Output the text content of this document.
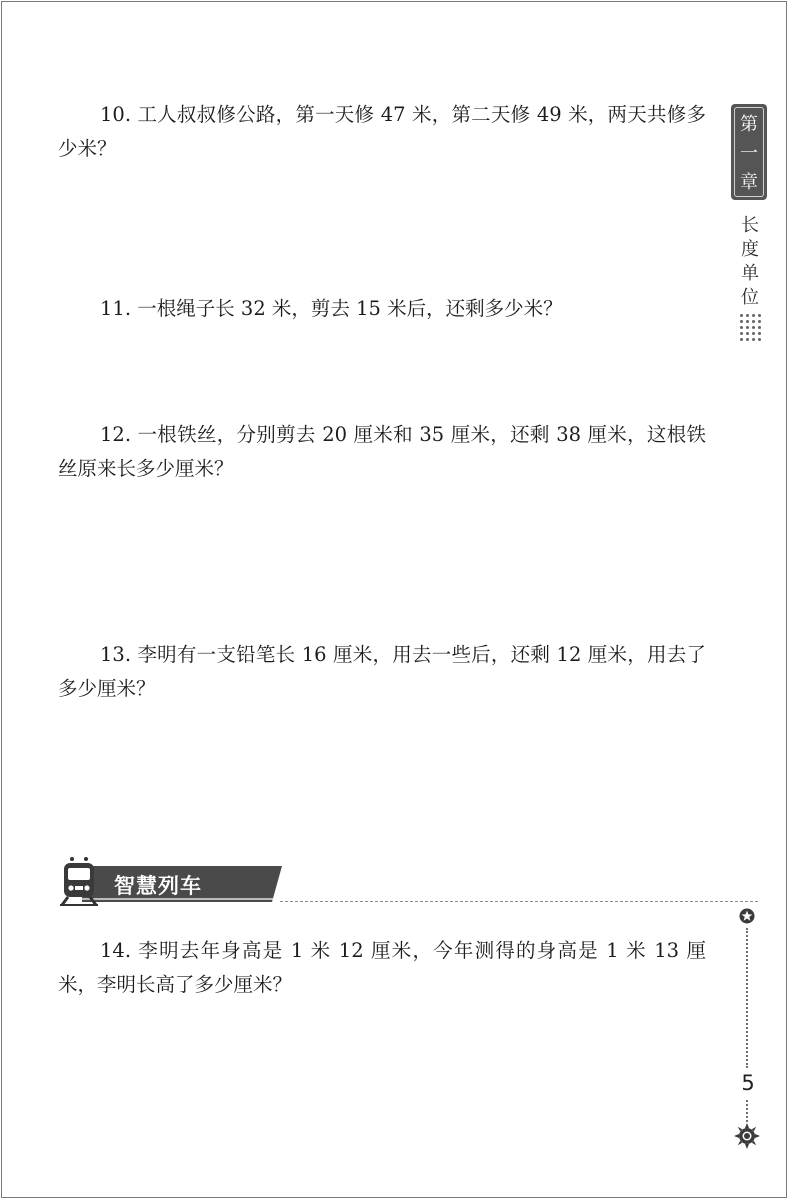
10. 工人叔叔修公路，第一天修 47 米，第二天修 49 米，两天共修多少米？

11. 一根绳子长 32 米，剪去 15 米后，还剩多少米？

12. 一根铁丝，分别剪去 20 厘米和 35 厘米，还剩 38 厘米，这根铁丝原来长多少厘米？

13. 李明有一支铅笔长 16 厘米，用去一些后，还剩 12 厘米，用去了多少厘米？

智慧列车

14. 李明去年身高是 1 米 12 厘米，今年测得的身高是 1 米 13 厘米，李明长高了多少厘米？

第
一
章
长度单位
5
